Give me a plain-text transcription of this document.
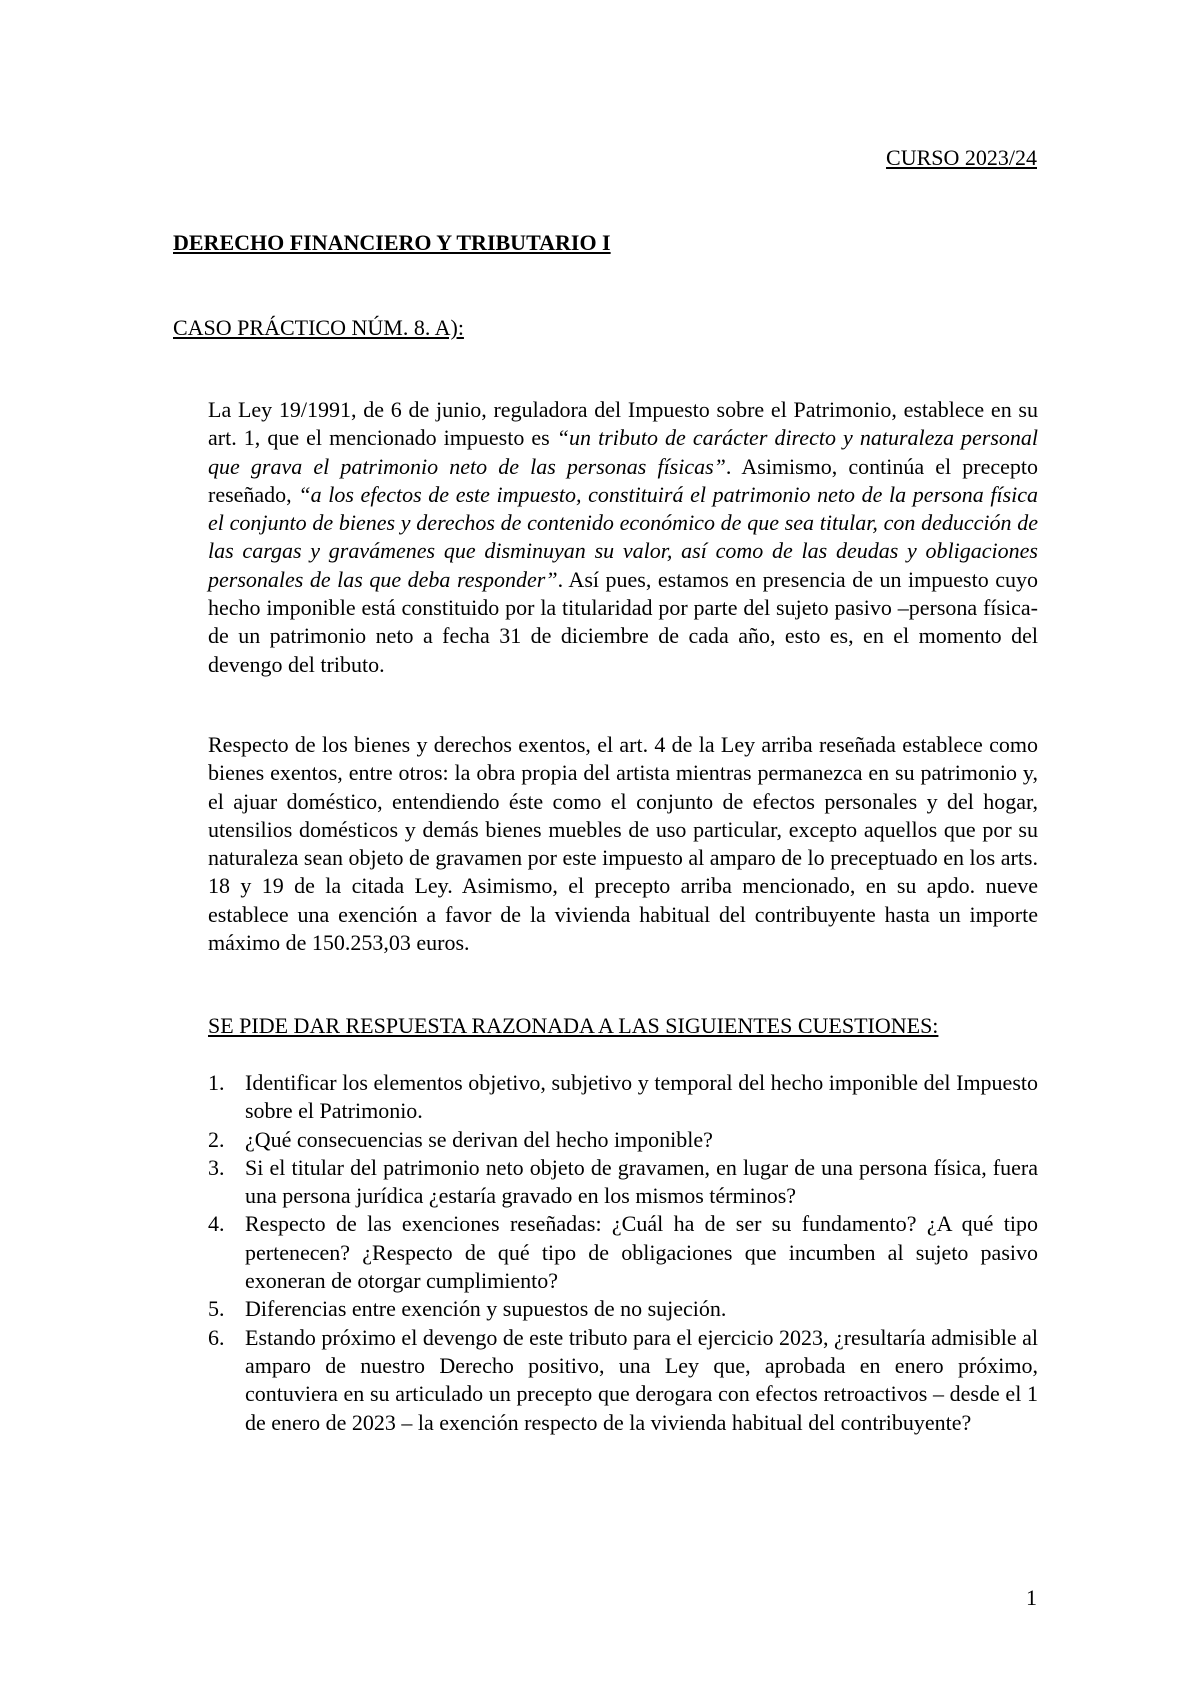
CURSO 2023/24
DERECHO FINANCIERO Y TRIBUTARIO I
CASO PRÁCTICO NÚM. 8. A):

La Ley 19/1991, de 6 de junio, reguladora del Impuesto sobre el Patrimonio, establece en su art. 1, que el mencionado impuesto es “un tributo de carácter directo y naturaleza personal que grava el patrimonio neto de las personas físicas”. Asimismo, continúa el precepto reseñado, “a los efectos de este impuesto, constituirá el patrimonio neto de la persona física el conjunto de bienes y derechos de contenido económico de que sea titular, con deducción de las cargas y gravámenes que disminuyan su valor, así como de las deudas y obligaciones personales de las que deba responder”. Así pues, estamos en presencia de un impuesto cuyo hecho imponible está constituido por la titularidad por parte del sujeto pasivo –persona física- de un patrimonio neto a fecha 31 de diciembre de cada año, esto es, en el momento del devengo del tributo.

Respecto de los bienes y derechos exentos, el art. 4 de la Ley arriba reseñada establece como bienes exentos, entre otros: la obra propia del artista mientras permanezca en su patrimonio y, el ajuar doméstico, entendiendo éste como el conjunto de efectos personales y del hogar, utensilios domésticos y demás bienes muebles de uso particular, excepto aquellos que por su naturaleza sean objeto de gravamen por este impuesto al amparo de lo preceptuado en los arts. 18 y 19 de la citada Ley. Asimismo, el precepto arriba mencionado, en su apdo. nueve establece una exención a favor de la vivienda habitual del contribuyente hasta un importe máximo de 150.253,03 euros.

SE PIDE DAR RESPUESTA RAZONADA A LAS SIGUIENTES CUESTIONES:
1. Identificar los elementos objetivo, subjetivo y temporal del hecho imponible del Impuesto sobre el Patrimonio.
2. ¿Qué consecuencias se derivan del hecho imponible?
3. Si el titular del patrimonio neto objeto de gravamen, en lugar de una persona física, fuera una persona jurídica ¿estaría gravado en los mismos términos?
4. Respecto de las exenciones reseñadas: ¿Cuál ha de ser su fundamento? ¿A qué tipo pertenecen? ¿Respecto de qué tipo de obligaciones que incumben al sujeto pasivo exoneran de otorgar cumplimiento?
5. Diferencias entre exención y supuestos de no sujeción.
6. Estando próximo el devengo de este tributo para el ejercicio 2023, ¿resultaría admisible al amparo de nuestro Derecho positivo, una Ley que, aprobada en enero próximo, contuviera en su articulado un precepto que derogara con efectos retroactivos – desde el 1 de enero de 2023 – la exención respecto de la vivienda habitual del contribuyente?
1
